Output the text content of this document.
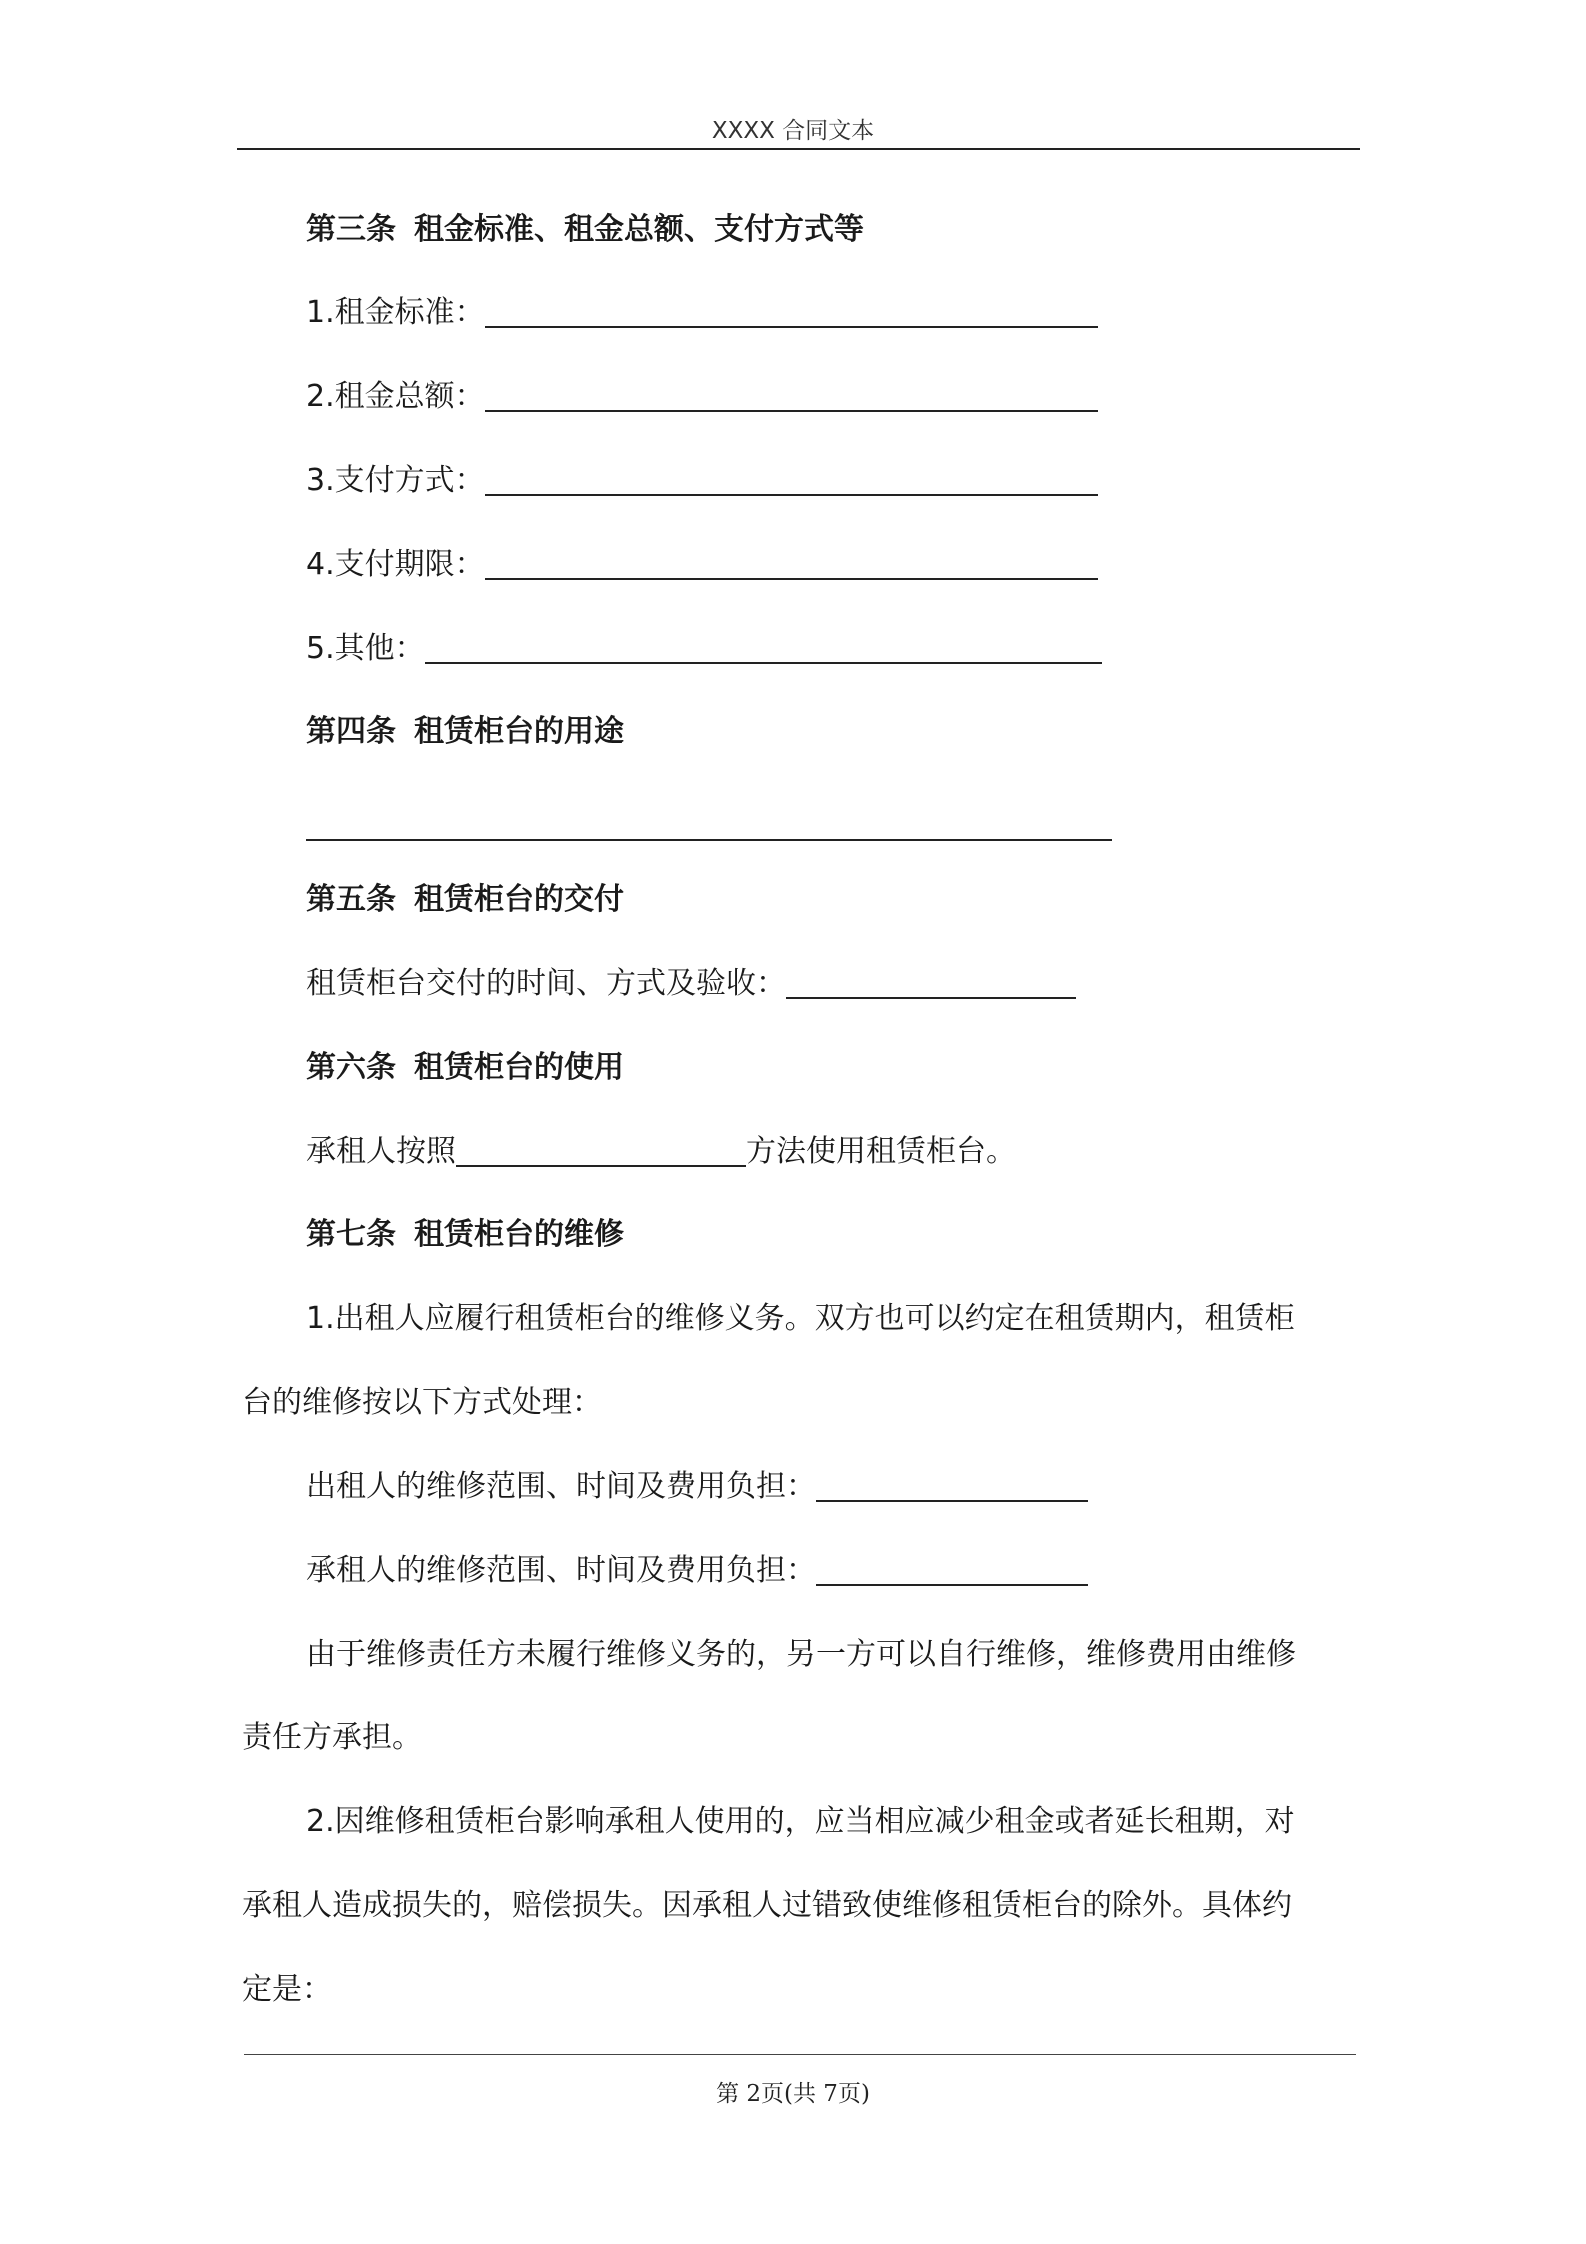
XXXX 合同文本
第三条 租金标准、租金总额、支付方式等
1.租金标准：
2.租金总额：
3.支付方式：
4.支付期限：
5.其他：
第四条 租赁柜台的用途
第五条 租赁柜台的交付
租赁柜台交付的时间、方式及验收：
第六条 租赁柜台的使用
承租人按照	方法使用租赁柜台。
第七条 租赁柜台的维修
1.出租人应履行租赁柜台的维修义务。双方也可以约定在租赁期内，租赁柜
台的维修按以下方式处理：
出租人的维修范围、时间及费用负担：
承租人的维修范围、时间及费用负担：
由于维修责任方未履行维修义务的，另一方可以自行维修，维修费用由维修
责任方承担。
2.因维修租赁柜台影响承租人使用的，应当相应减少租金或者延长租期，对
承租人造成损失的，赔偿损失。因承租人过错致使维修租赁柜台的除外。具体约
定是：
第 2页(共 7页)
